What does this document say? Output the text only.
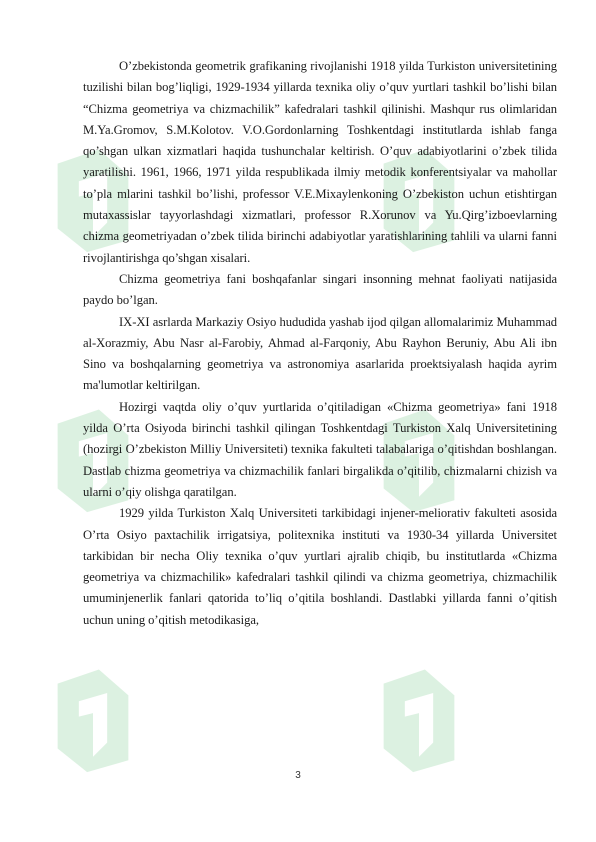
O’zbekistonda geometrik grafikaning rivojlanishi 1918 yilda Turkiston universitetining tuzilishi bilan bog’liqligi, 1929-1934 yillarda texnika oliy o’quv yurtlari tashkil bo’lishi bilan “Chizma geometriya va chizmachilik” kafedralari tashkil qilinishi. Mashqur rus olimlaridan M.Ya.Gromov, S.M.Kolotov. V.O.Gordonlarning Toshkentdagi institutlarda ishlab fanga qo’shgan ulkan xizmatlari haqida tushunchalar keltirish. O’quv adabiyotlarini o’zbek tilida yaratilishi. 1961, 1966, 1971 yilda respublikada ilmiy metodik konferentsiyalar va mahollar to’pla mlarini tashkil bo’lishi, professor V.E.Mixaylenkoning O’zbekiston uchun etishtirgan mutaxassislar tayyorlashdagi xizmatlari, professor R.Xorunov va Yu.Qirg’izboevlarning chizma geometriyadan o’zbek tilida birinchi adabiyotlar yaratishlarining tahlili va ularni fanni rivojlantirishga qo’shgan xisalari.

Chizma geometriya fani boshqafanlar singari insonning mehnat faoliyati natijasida paydo bo’lgan.

IX-XI asrlarda Markaziy Osiyo hududida yashab ijod qilgan allomalarimiz Muhammad al-Xorazmiy, Abu Nasr al-Farobiy, Ahmad al-Farqoniy, Abu Rayhon Beruniy, Abu Ali ibn Sino va boshqalarning geometriya va astronomiya asarlarida proektsiyalash haqida ayrim ma'lumotlar keltirilgan.

Hozirgi vaqtda oliy o’quv yurtlarida o’qitiladigan «Chizma geometriya» fani 1918 yilda O’rta Osiyoda birinchi tashkil qilingan Toshkentdagi Turkiston Xalq Universitetining (hozirgi O’zbekiston Milliy Universiteti) texnika fakulteti talabalariga o’qitishdan boshlangan. Dastlab chizma geometriya va chizmachilik fanlari birgalikda o’qitilib, chizmalarni chizish va ularni o’qiy olishga qaratilgan.

1929 yilda Turkiston Xalq Universiteti tarkibidagi injener-meliorativ fakulteti asosida O’rta Osiyo paxtachilik irrigatsiya, politexnika instituti va 1930-34 yillarda Universitet tarkibidan bir necha Oliy texnika o’quv yurtlari ajralib chiqib, bu institutlarda «Chizma geometriya va chizmachilik» kafedralari tashkil qilindi va chizma geometriya, chizmachilik umuminjenerlik fanlari qatorida to’liq o’qitila boshlandi. Dastlabki yillarda fanni o’qitish uchun uning o’qitish metodikasiga,

3
